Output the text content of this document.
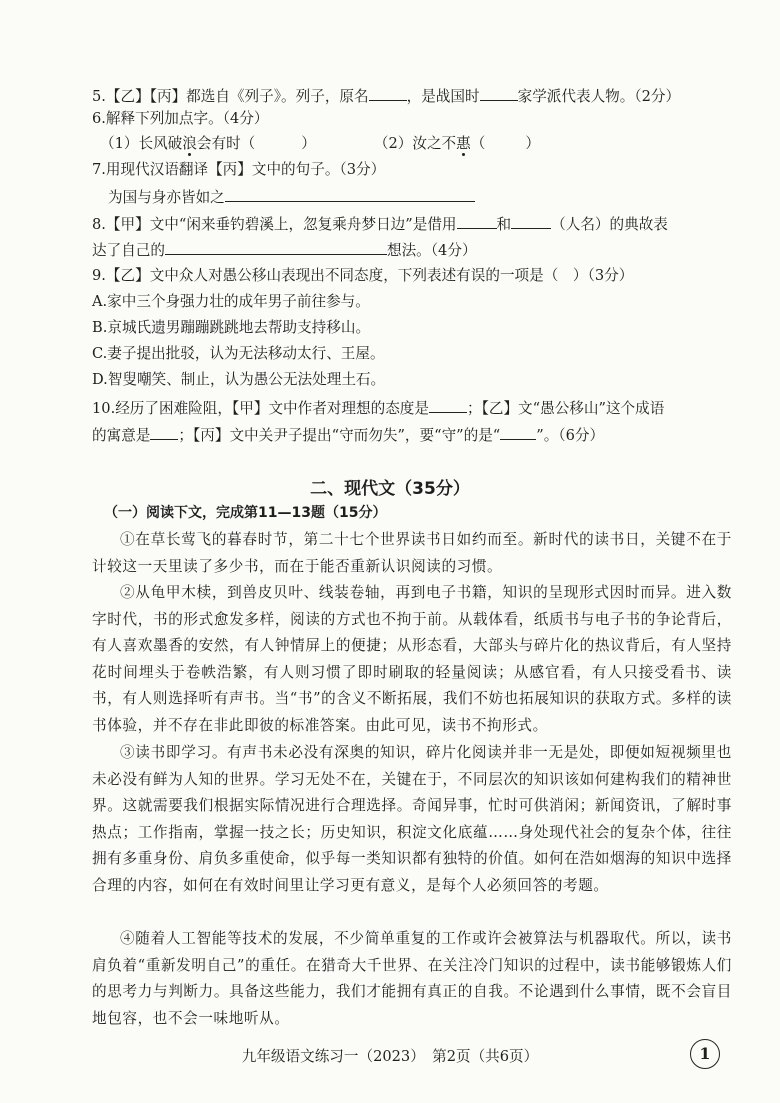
5.【乙】【丙】都选自《列子》。列子，原名	，是战国时	家学派代表人物。（2分）
6.解释下列加点字。（4分）
（1）长风破浪会有时（	）	（2）汝之不惠（	）
7.用现代汉语翻译【丙】文中的句子。（3分）
为国与身亦皆如之
8.【甲】文中“闲来垂钓碧溪上，忽复乘舟梦日边”是借用	和	（人名）的典故表
达了自己的	想法。（4分）
9.【乙】文中众人对愚公移山表现出不同态度，下列表述有误的一项是（　）（3分）
A.家中三个身强力壮的成年男子前往参与。
B.京城氏遗男蹦蹦跳跳地去帮助支持移山。
C.妻子提出批驳，认为无法移动太行、王屋。
D.智叟嘲笑、制止，认为愚公无法处理土石。
10.经历了困难险阻，【甲】文中作者对理想的态度是	；【乙】文“愚公移山”这个成语
的寓意是 ；【丙】文中关尹子提出“守而勿失”，要“守”的是“ ”。（6分）
二、现代文（35分）
（一）阅读下文，完成第11—13题（15分）
①在草长莺飞的暮春时节，第二十七个世界读书日如约而至。新时代的读书日，关键不在于计较这一天里读了多少书，而在于能否重新认识阅读的习惯。
②从龟甲木椟，到兽皮贝叶、线装卷轴，再到电子书籍，知识的呈现形式因时而异。进入数字时代，书的形式愈发多样，阅读的方式也不拘于前。从载体看，纸质书与电子书的争论背后，有人喜欢墨香的安然，有人钟情屏上的便捷；从形态看，大部头与碎片化的热议背后，有人坚持花时间埋头于卷帙浩繁，有人则习惯了即时刷取的轻量阅读；从感官看，有人只接受看书、读书，有人则选择听有声书。当“书”的含义不断拓展，我们不妨也拓展知识的获取方式。多样的读书体验，并不存在非此即彼的标准答案。由此可见，读书不拘形式。
③读书即学习。有声书未必没有深奥的知识，碎片化阅读并非一无是处，即便如短视频里也未必没有鲜为人知的世界。学习无处不在，关键在于，不同层次的知识该如何建构我们的精神世界。这就需要我们根据实际情况进行合理选择。奇闻异事，忙时可供消闲；新闻资讯，了解时事热点；工作指南，掌握一技之长；历史知识，积淀文化底蕴……身处现代社会的复杂个体，往往拥有多重身份、肩负多重使命，似乎每一类知识都有独特的价值。如何在浩如烟海的知识中选择合理的内容，如何在有效时间里让学习更有意义，是每个人必须回答的考题。
④随着人工智能等技术的发展，不少简单重复的工作或许会被算法与机器取代。所以，读书肩负着“重新发明自己”的重任。在猎奇大千世界、在关注冷门知识的过程中，读书能够锻炼人们的思考力与判断力。具备这些能力，我们才能拥有真正的自我。不论遇到什么事情，既不会盲目地包容，也不会一味地听从。
九年级语文练习一（2023）　第2页（共6页）	1
